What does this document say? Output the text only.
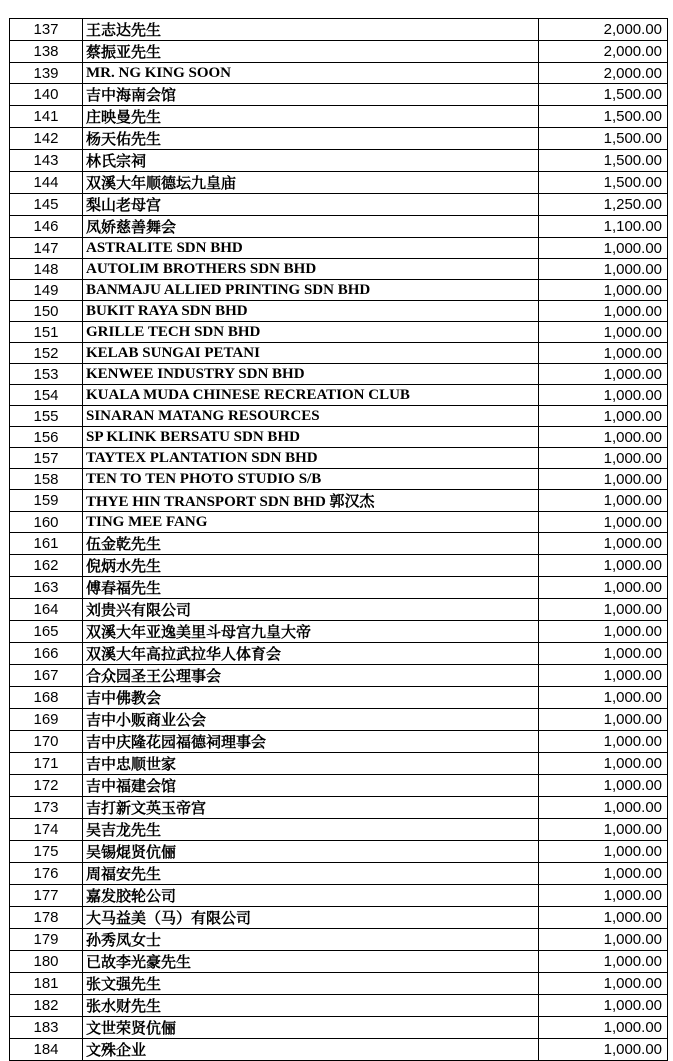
137	王志达先生	2,000.00
138	蔡振亚先生	2,000.00
139	MR. NG KING SOON	2,000.00
140	吉中海南会馆	1,500.00
141	庄映曼先生	1,500.00
142	杨天佑先生	1,500.00
143	林氏宗祠	1,500.00
144	双溪大年顺德坛九皇庙	1,500.00
145	梨山老母宫	1,250.00
146	凤娇慈善舞会	1,100.00
147	ASTRALITE SDN BHD	1,000.00
148	AUTOLIM BROTHERS SDN BHD	1,000.00
149	BANMAJU ALLIED PRINTING SDN BHD	1,000.00
150	BUKIT RAYA SDN BHD	1,000.00
151	GRILLE TECH SDN BHD	1,000.00
152	KELAB SUNGAI PETANI	1,000.00
153	KENWEE INDUSTRY SDN BHD	1,000.00
154	KUALA MUDA CHINESE RECREATION CLUB	1,000.00
155	SINARAN MATANG RESOURCES	1,000.00
156	SP KLINK BERSATU SDN BHD	1,000.00
157	TAYTEX PLANTATION SDN BHD	1,000.00
158	TEN TO TEN PHOTO STUDIO S/B	1,000.00
159	THYE HIN TRANSPORT SDN BHD 郭汉杰	1,000.00
160	TING MEE FANG	1,000.00
161	伍金乾先生	1,000.00
162	倪炳水先生	1,000.00
163	傅春福先生	1,000.00
164	刘贵兴有限公司	1,000.00
165	双溪大年亚逸美里斗母宫九皇大帝	1,000.00
166	双溪大年高拉武拉华人体育会	1,000.00
167	合众园圣王公理事会	1,000.00
168	吉中佛教会	1,000.00
169	吉中小贩商业公会	1,000.00
170	吉中庆隆花园福德祠理事会	1,000.00
171	吉中忠顺世家	1,000.00
172	吉中福建会馆	1,000.00
173	吉打新文英玉帝宫	1,000.00
174	吴吉龙先生	1,000.00
175	吴锡焜贤伉俪	1,000.00
176	周福安先生	1,000.00
177	嘉发胶轮公司	1,000.00
178	大马益美（马）有限公司	1,000.00
179	孙秀凤女士	1,000.00
180	已故李光豪先生	1,000.00
181	张文强先生	1,000.00
182	张水财先生	1,000.00
183	文世荣贤伉俪	1,000.00
184	文殊企业	1,000.00
